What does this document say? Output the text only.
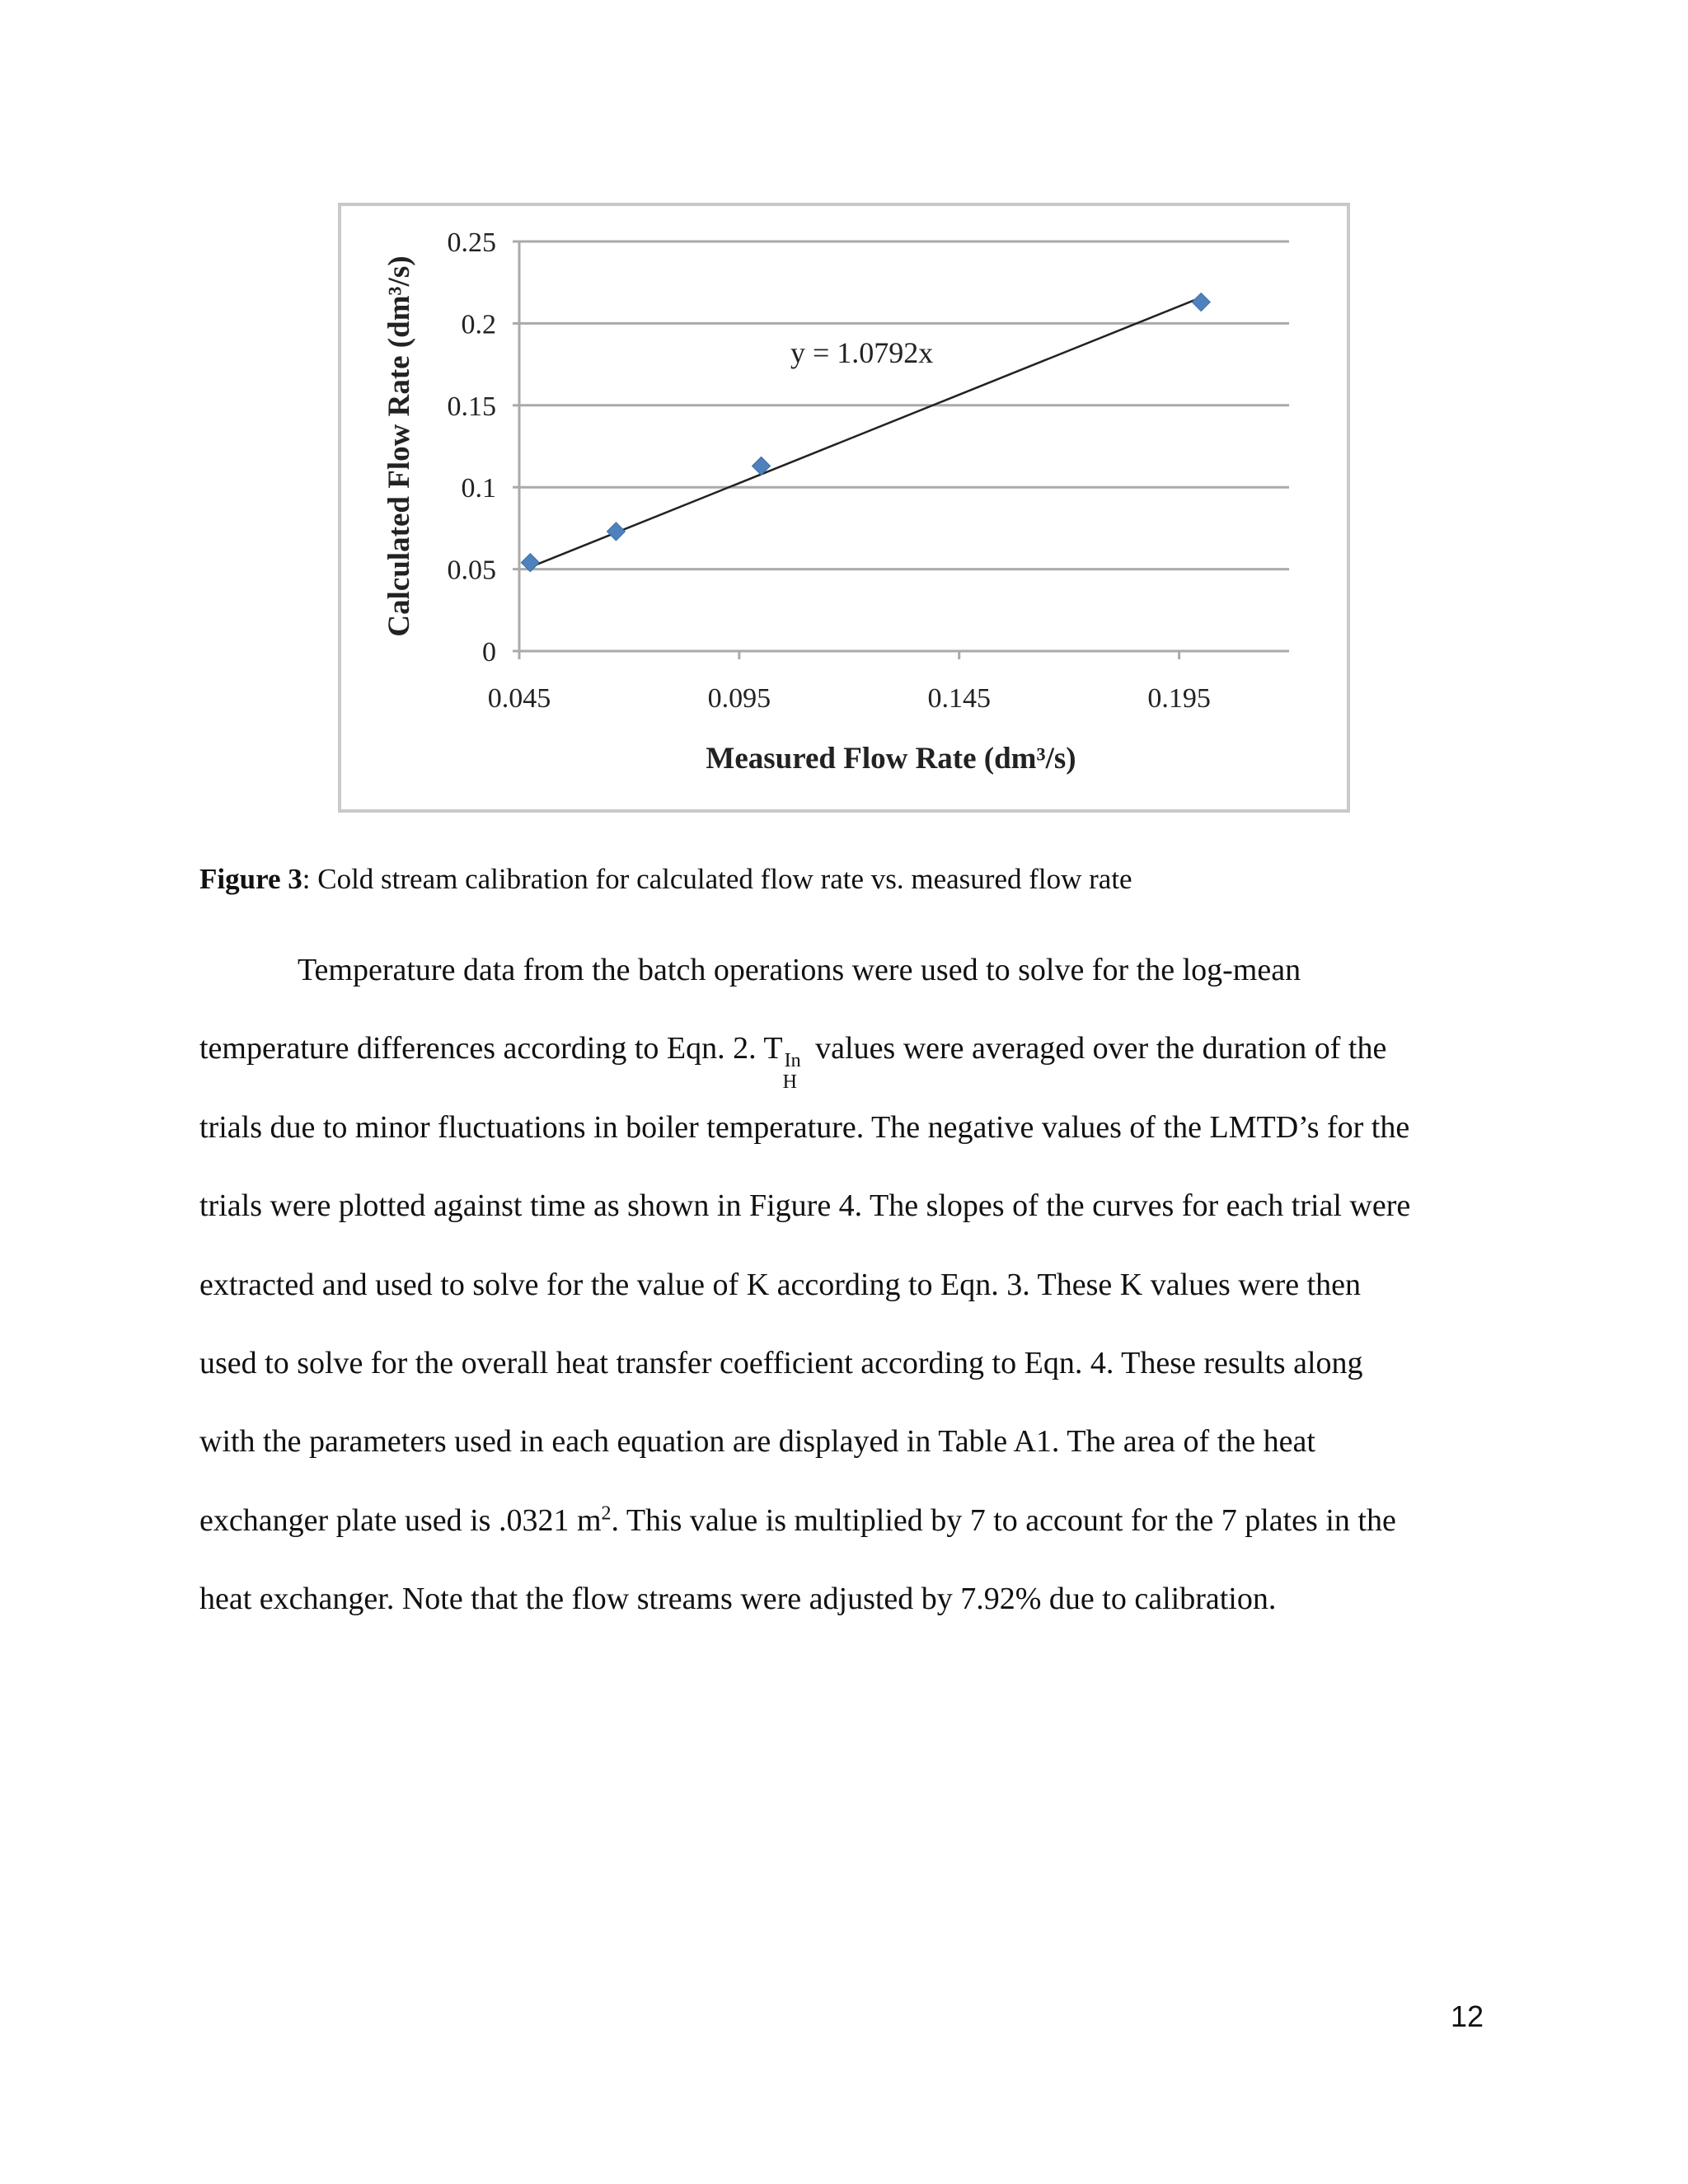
0
0.05
0.1
0.15
0.2
0.25
0.045	0.095	0.145	0.195
y = 1.0792x
Measured Flow Rate (dm³/s)
Calculated Flow Rate (dm³/s)
Figure 3: Cold stream calibration for calculated flow rate vs. measured flow rate
Temperature data from the batch operations were used to solve for the log-mean
temperature differences according to Eqn. 2. T In
H
values were averaged over the duration of the
trials due to minor fluctuations in boiler temperature. The negative values of the LMTD’s for the
trials were plotted against time as shown in Figure 4. The slopes of the curves for each trial were
extracted and used to solve for the value of K according to Eqn. 3. These K values were then
used to solve for the overall heat transfer coefficient according to Eqn. 4. These results along
with the parameters used in each equation are displayed in Table A1. The area of the heat
exchanger plate used is .0321 $m^2$. This value is multiplied by 7 to account for the 7 plates in the
heat exchanger. Note that the flow streams were adjusted by 7.92% due to calibration.
12
